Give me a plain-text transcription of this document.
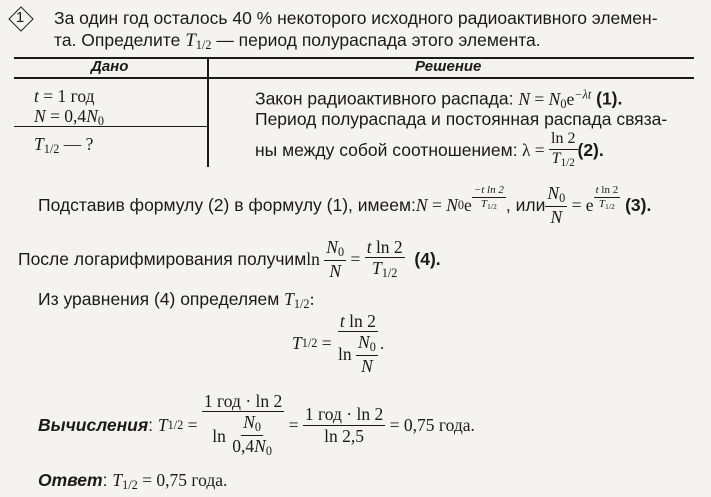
1	За один год осталось 40 % некоторого исходного радиоактивного элемен-
та. Определите $T_{1/2}$ — период полураспада этого элемента.
Дано	Решение
t = 1 год
$N = 0,4N_0$
$T_{1/2}$ — ?
Закон радиоактивного распада: $N = N_0e^{-\lambda t}$ (1).
Период полураспада и постоянная распада связа-
ны между собой соотношением: $\lambda = \frac{\ln 2}{T_{1/2}} (2)$.
Подставив формулу (2) в формулу (1), имеем: N = N 0 e $\frac{\text{−t ln 2}}{T_{1/2}}$ , или $\frac{N_0}{N} = e \frac{\text{t ln 2}}{T_{1/2}}$
(3).
После логарифмирования получим $\ln \frac{N_0}{N} = \frac{\text{t ln 2}}{T_{1/2}}$
(4).
Из уравнения (4) определяем $T_{1/2}$:
T $1/2 = \frac{\text{t ln 2}}{\ln \frac{N_0}{N}}$ .
Вычисления : T $1/2 = \frac{\text{1 год · ln 2}}{\ln \frac{N_0}{0,4N_0}} = \frac{\text{1 год · ln 2}}{\ln 2,5}$
= 0,75 года.
Ответ: $T_{1/2} = 0,75$ года.
